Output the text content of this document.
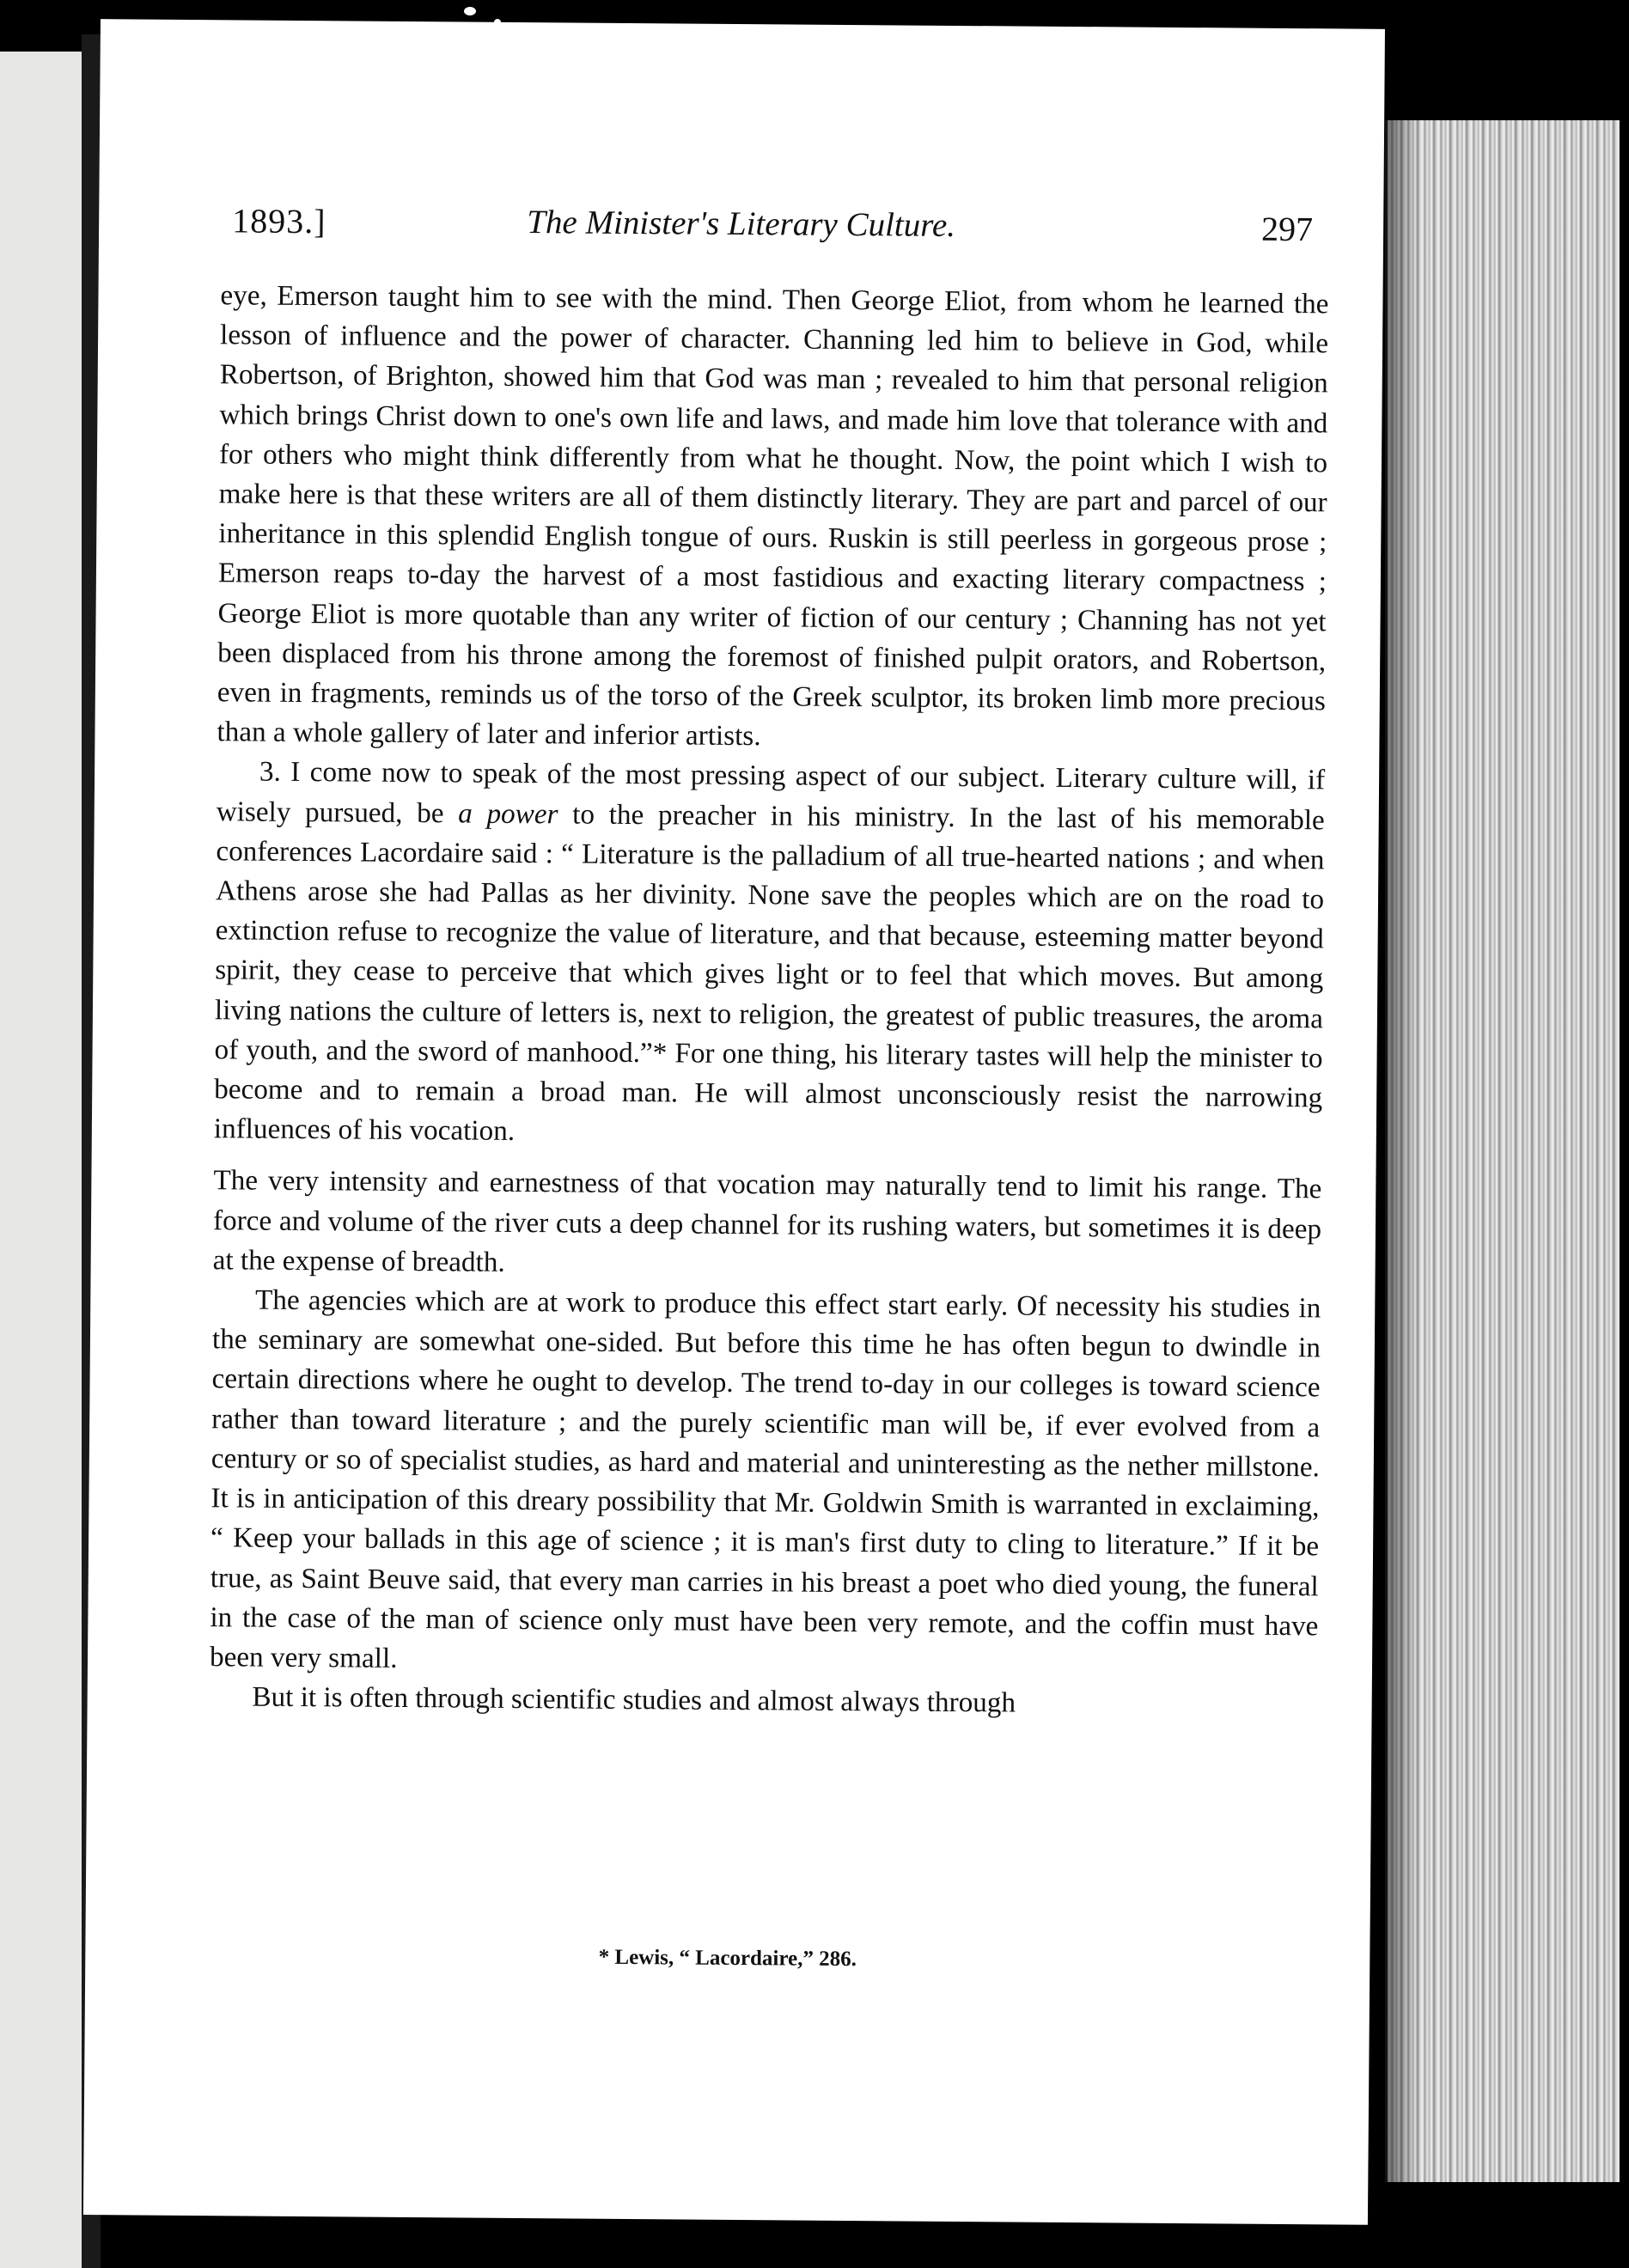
1893.]	The Minister's Literary Culture.	297

eye, Emerson taught him to see with the mind. Then George Eliot, from whom he learned the lesson of influence and the power of character. Channing led him to believe in God, while Robertson, of Brighton, showed him that God was man ; revealed to him that personal religion which brings Christ down to one's own life and laws, and made him love that tolerance with and for others who might think differently from what he thought. Now, the point which I wish to make here is that these writers are all of them distinctly literary. They are part and parcel of our inheritance in this splendid English tongue of ours. Ruskin is still peerless in gorgeous prose ; Emerson reaps to-day the harvest of a most fastidious and exacting literary compactness ; George Eliot is more quotable than any writer of fiction of our century ; Channing has not yet been displaced from his throne among the foremost of finished pulpit orators, and Robertson, even in fragments, reminds us of the torso of the Greek sculptor, its broken limb more precious than a whole gallery of later and inferior artists.

3. I come now to speak of the most pressing aspect of our subject. Literary culture will, if wisely pursued, be a power to the preacher in his ministry. In the last of his memorable conferences Lacordaire said : “ Literature is the palladium of all true-hearted nations ; and when Athens arose she had Pallas as her divinity. None save the peoples which are on the road to extinction refuse to recognize the value of literature, and that because, esteeming matter beyond spirit, they cease to perceive that which gives light or to feel that which moves. But among living nations the culture of letters is, next to religion, the greatest of public treasures, the aroma of youth, and the sword of manhood.”* For one thing, his literary tastes will help the minister to become and to remain a broad man. He will almost unconsciously resist the narrowing influences of his vocation.

The very intensity and earnestness of that vocation may naturally tend to limit his range. The force and volume of the river cuts a deep channel for its rushing waters, but sometimes it is deep at the expense of breadth.

The agencies which are at work to produce this effect start early. Of necessity his studies in the seminary are somewhat one-sided. But before this time he has often begun to dwindle in certain directions where he ought to develop. The trend to-day in our colleges is toward science rather than toward literature ; and the purely scientific man will be, if ever evolved from a century or so of specialist studies, as hard and material and uninteresting as the nether millstone. It is in anticipation of this dreary possibility that Mr. Goldwin Smith is warranted in exclaiming, “ Keep your ballads in this age of science ; it is man's first duty to cling to literature.” If it be true, as Saint Beuve said, that every man carries in his breast a poet who died young, the funeral in the case of the man of science only must have been very remote, and the coffin must have been very small.

But it is often through scientific studies and almost always through

* Lewis, “ Lacordaire,” 286.
